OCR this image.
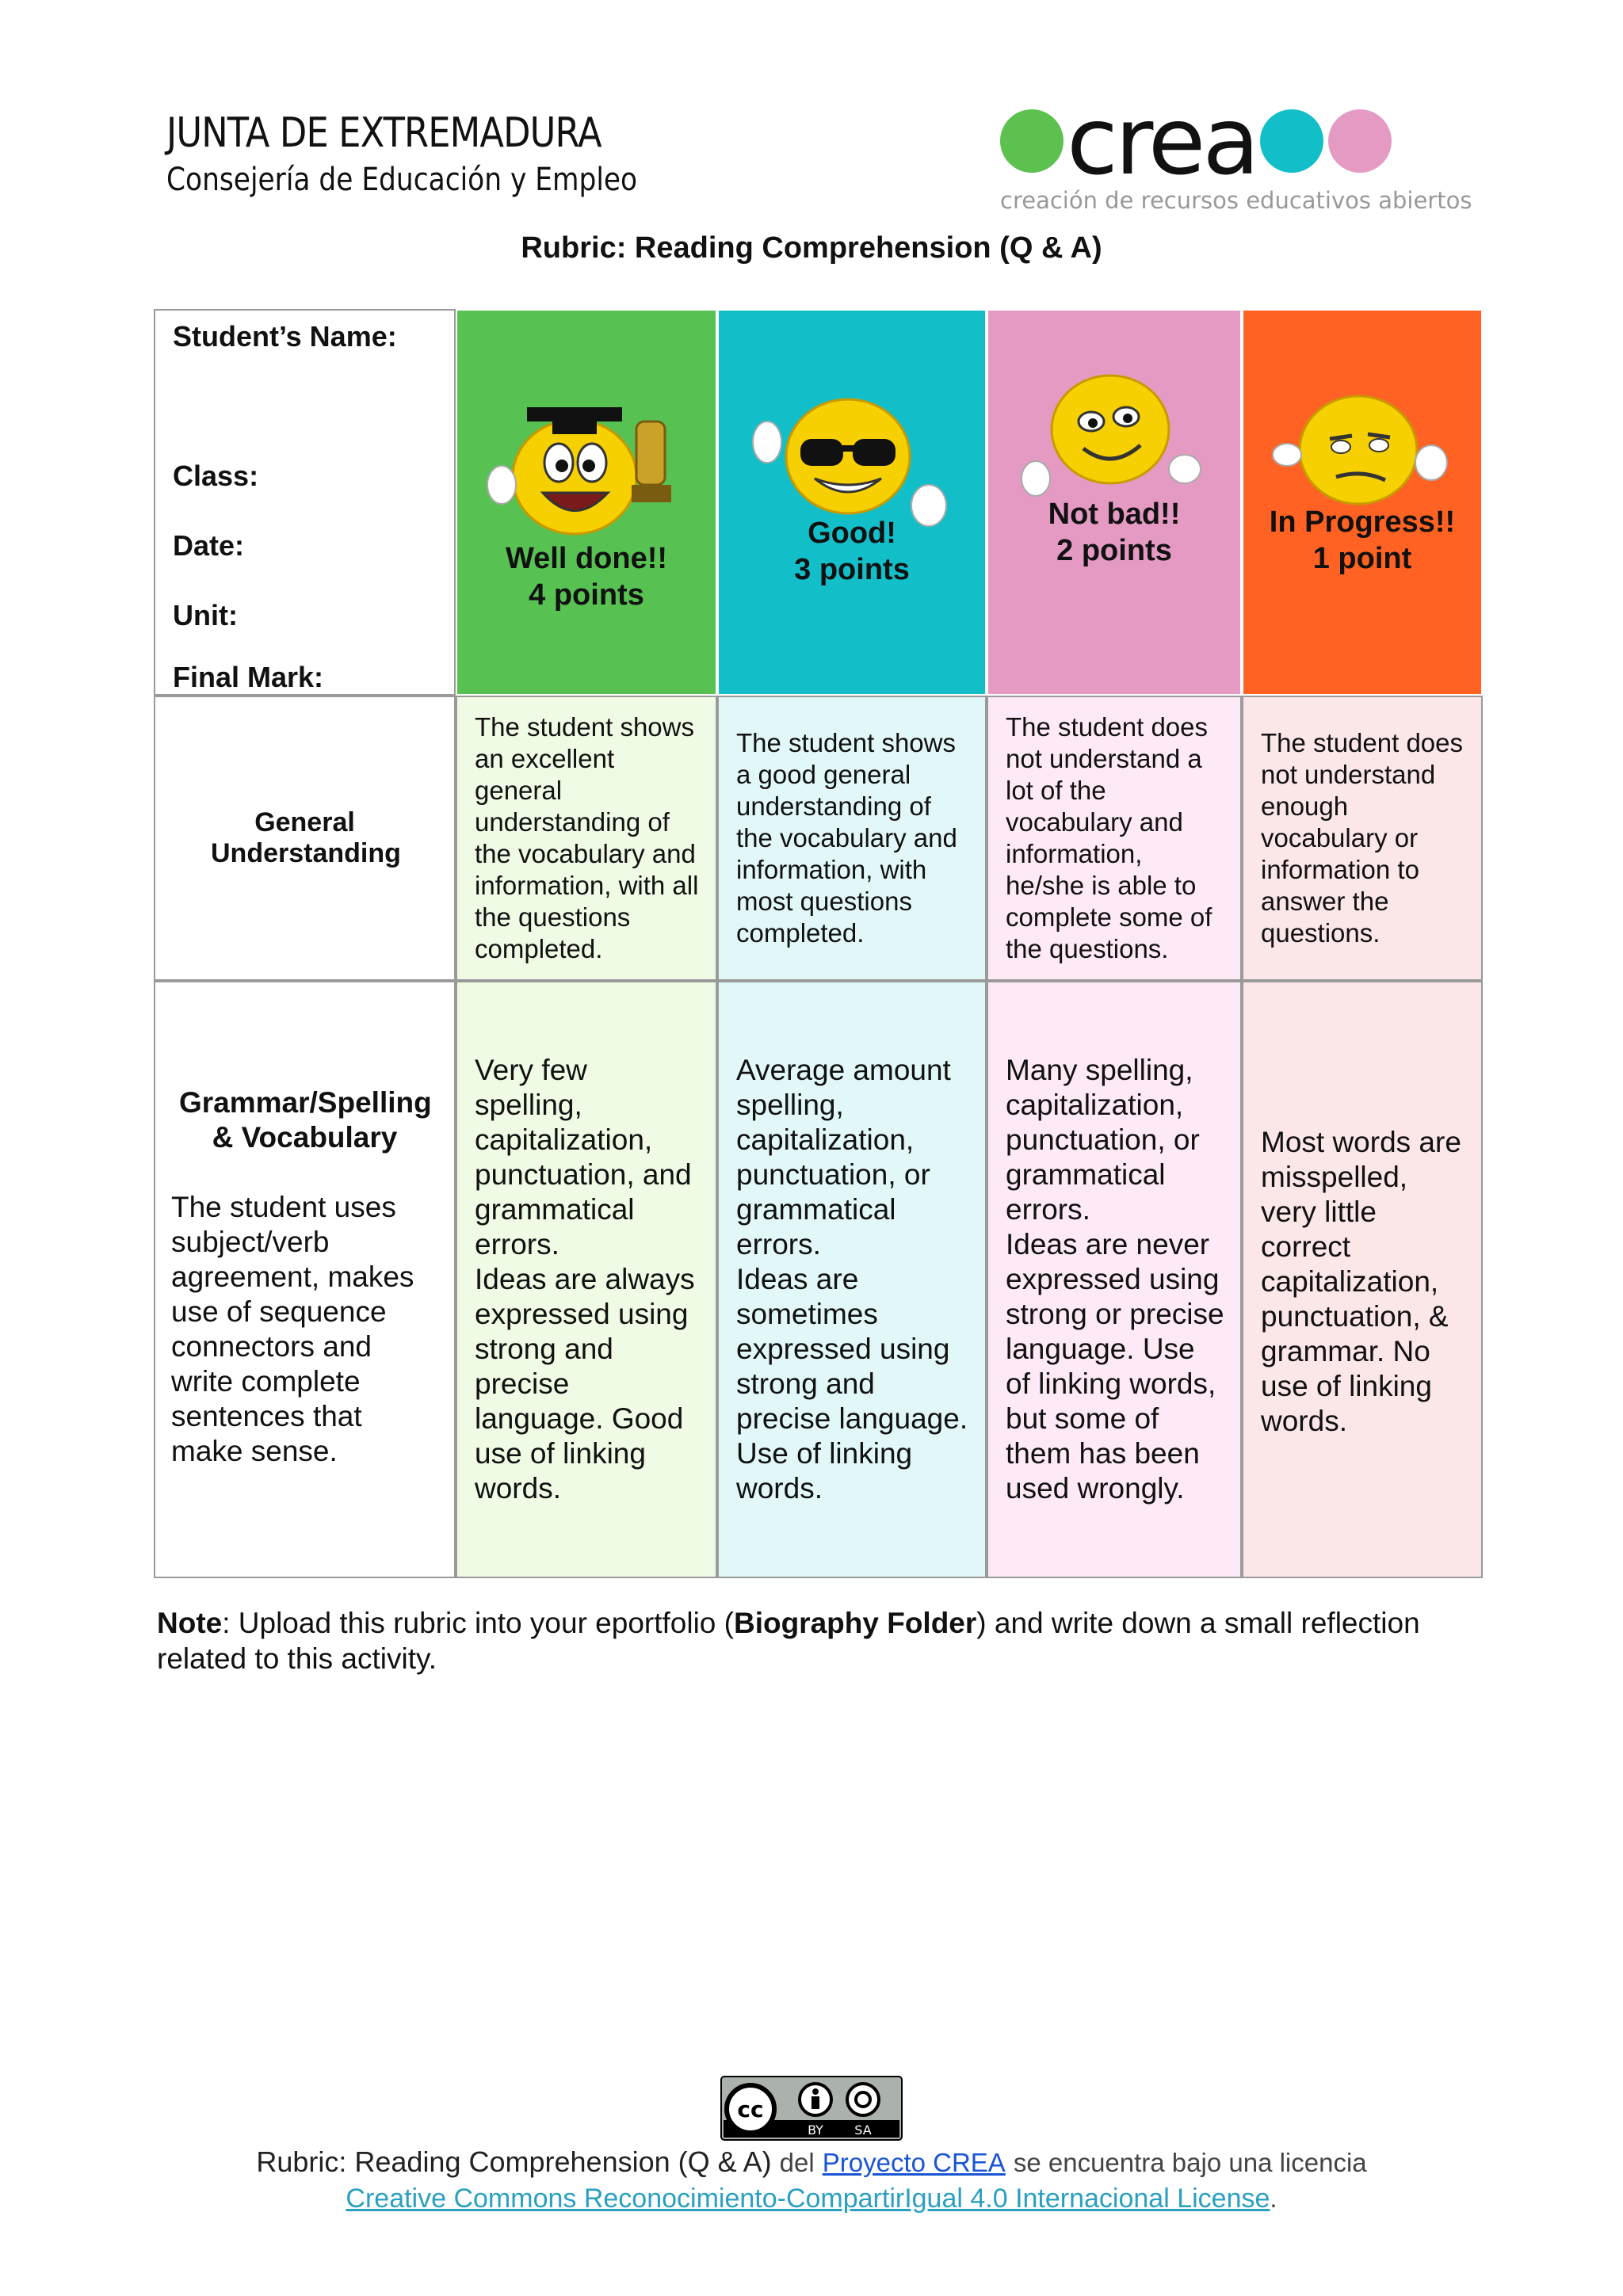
JUNTA DE EXTREMADURA
Consejería de Educación y Empleo	crea
creación de recursos educativos abiertos
Rubric: Reading Comprehension (Q & A)
Student’s Name:
Class:
Date:
Unit:
Final Mark:
Well done!!
4 points
Good!
3 points
Not bad!!
2 points
In Progress!!
1 point
General Understanding
The student shows an excellent general understanding of the vocabulary and information, with all the questions completed.
The student shows a good general understanding of the vocabulary and information, with most questions completed.
The student does not understand a lot of the vocabulary and information, he/she is able to complete some of the questions.
The student does not understand enough vocabulary or information to answer the questions.
Grammar/Spelling & Vocabulary
The student uses subject/verb agreement, makes use of sequence connectors and write complete sentences that make sense.
Very few spelling, capitalization, punctuation, and grammatical errors.
Ideas are always expressed using strong and precise language. Good use of linking words.
Average amount spelling, capitalization, punctuation, or grammatical errors.
Ideas are sometimes expressed using strong and precise language. Use of linking words.
Many spelling, capitalization, punctuation, or grammatical errors.
Ideas are never expressed using strong or precise language. Use of linking words, but some of them has been used wrongly.
Most words are misspelled, very little correct capitalization, punctuation, & grammar. No use of linking words.
Note: Upload this rubric into your eportfolio (Biography Folder) and write down a small reflection related to this activity.
cc
BY SA
Rubric: Reading Comprehension (Q & A) del Proyecto CREA se encuentra bajo una licencia
Creative Commons Reconocimiento-CompartirIgual 4.0 Internacional License.
